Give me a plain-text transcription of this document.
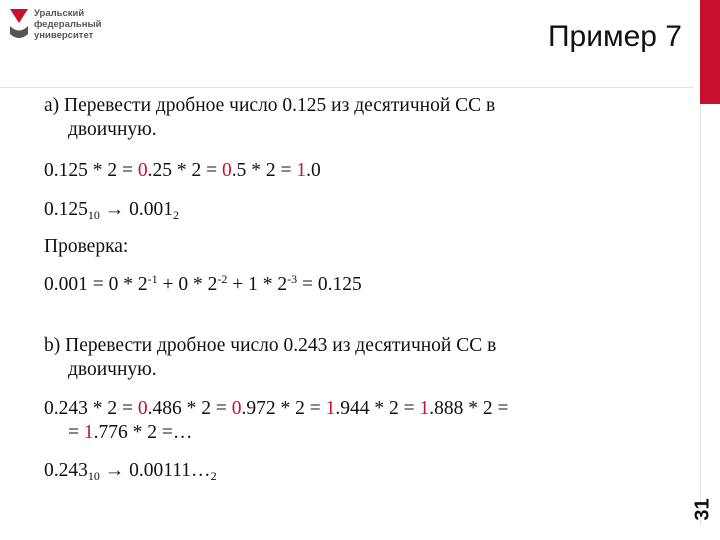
Уральский
федеральный
университет	Пример 7
31
a) Перевести дробное число 0.125 из десятичной СС в
двоичную.
0.125 * 2 = 0.25 * 2 = 0.5 * 2 = 1.0
$0.125_{10} \to 0.001_2$
Проверка:
$0.001 = 0 * 2^{-1} + 0 * 2^{-2} + 1 * 2^{-3} = 0.125$
b) Перевести дробное число 0.243 из десятичной СС в
двоичную.
0.243 * 2 = 0.486 * 2 = 0.972 * 2 = 1.944 * 2 = 1.888 * 2 =
= 1.776 * 2 =…
$0.243_{10}$ → $0.00111\dots_2$
